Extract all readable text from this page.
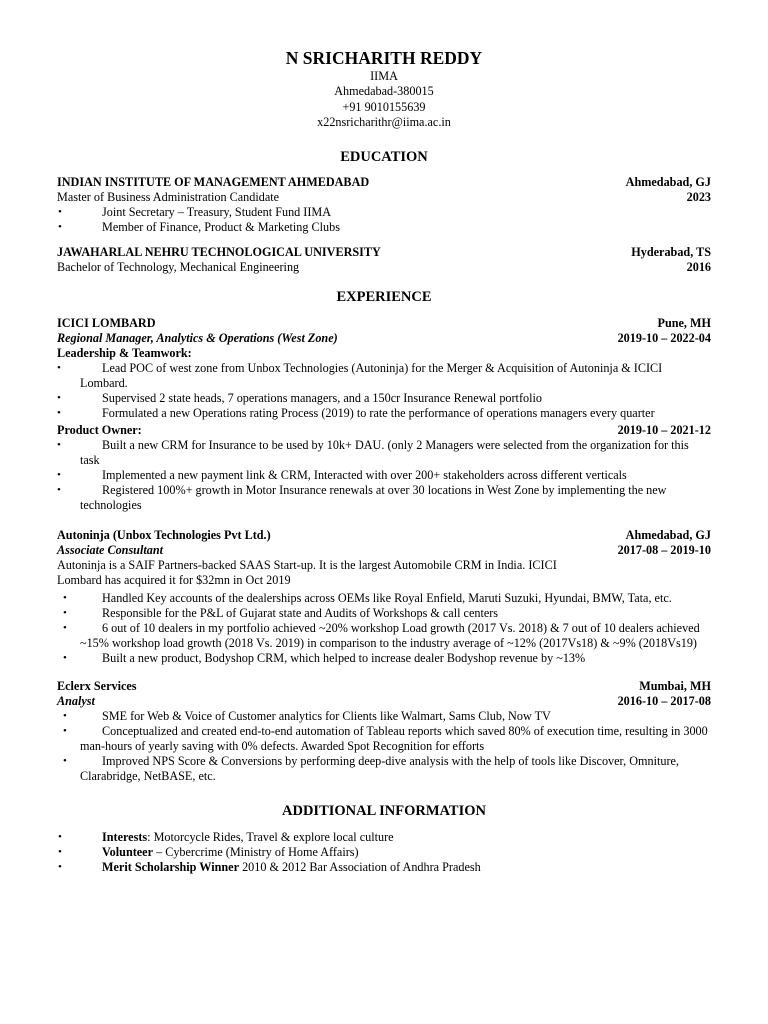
N SRICHARITH REDDY
IIMA
Ahmedabad-380015
+91 9010155639
x22nsricharithr@iima.ac.in
EDUCATION
INDIAN INSTITUTE OF MANAGEMENT AHMEDABAD	Ahmedabad, GJ
Master of Business Administration Candidate	2023
•	Joint Secretary – Treasury, Student Fund IIMA
•	Member of Finance, Product & Marketing Clubs
JAWAHARLAL NEHRU TECHNOLOGICAL UNIVERSITY	Hyderabad, TS
Bachelor of Technology, Mechanical Engineering	2016
EXPERIENCE
ICICI LOMBARD	Pune, MH
Regional Manager, Analytics & Operations (West Zone)	2019-10 – 2022-04
Leadership & Teamwork:
•	Lead POC of west zone from Unbox Technologies (Autoninja) for the Merger & Acquisition of Autoninja & ICICI Lombard.
•	Supervised 2 state heads, 7 operations managers, and a 150cr Insurance Renewal portfolio
•	Formulated a new Operations rating Process (2019) to rate the performance of operations managers every quarter
Product Owner:	2019-10 – 2021-12
•	Built a new CRM for Insurance to be used by 10k+ DAU. (only 2 Managers were selected from the organization for this task
•	Implemented a new payment link & CRM, Interacted with over 200+ stakeholders across different verticals
•	Registered 100%+ growth in Motor Insurance renewals at over 30 locations in West Zone by implementing the new technologies
Autoninja (Unbox Technologies Pvt Ltd.)	Ahmedabad, GJ
Associate Consultant	2017-08 – 2019-10
Autoninja is a SAIF Partners-backed SAAS Start-up. It is the largest Automobile CRM in India. ICICI
Lombard has acquired it for $32mn in Oct 2019
•	Handled Key accounts of the dealerships across OEMs like Royal Enfield, Maruti Suzuki, Hyundai, BMW, Tata, etc.
•	Responsible for the P&L of Gujarat state and Audits of Workshops & call centers
•	6 out of 10 dealers in my portfolio achieved ~20% workshop Load growth (2017 Vs. 2018) & 7 out of 10 dealers achieved ~15% workshop load growth (2018 Vs. 2019) in comparison to the industry average of ~12% (2017Vs18) & ~9% (2018Vs19)
•	Built a new product, Bodyshop CRM, which helped to increase dealer Bodyshop revenue by ~13%
Eclerx Services	Mumbai, MH
Analyst	2016-10 – 2017-08
•	SME for Web & Voice of Customer analytics for Clients like Walmart, Sams Club, Now TV
•	Conceptualized and created end-to-end automation of Tableau reports which saved 80% of execution time, resulting in 3000 man-hours of yearly saving with 0% defects. Awarded Spot Recognition for efforts
•	Improved NPS Score & Conversions by performing deep-dive analysis with the help of tools like Discover, Omniture, Clarabridge, NetBASE, etc.
ADDITIONAL INFORMATION
•	Interests: Motorcycle Rides, Travel & explore local culture
•	Volunteer – Cybercrime (Ministry of Home Affairs)
•	Merit Scholarship Winner 2010 & 2012 Bar Association of Andhra Pradesh
